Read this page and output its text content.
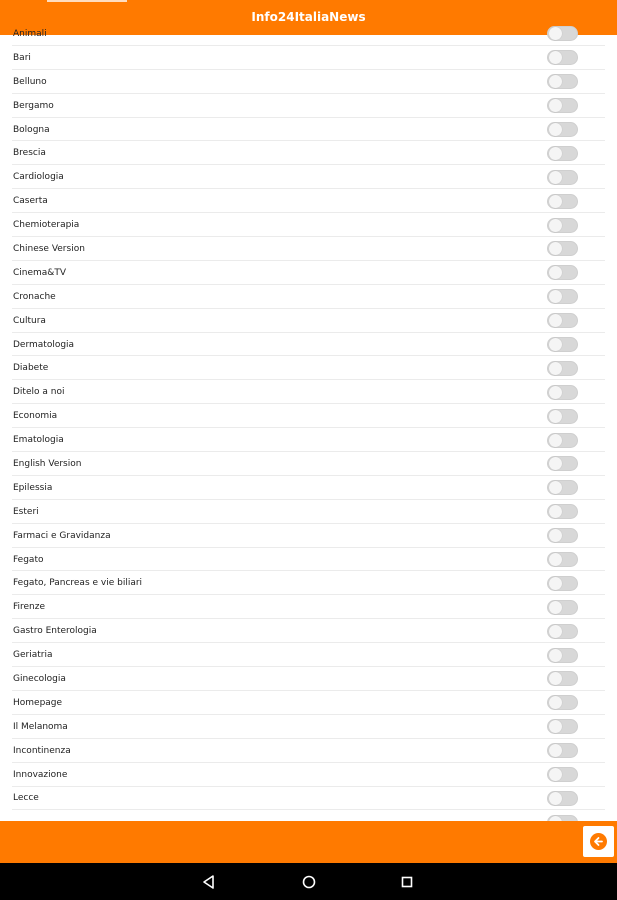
Info24ItaliaNews
Animali
Bari
Belluno
Bergamo
Bologna
Brescia
Cardiologia
Caserta
Chemioterapia
Chinese Version
Cinema&TV
Cronache
Cultura
Dermatologia
Diabete
Ditelo a noi
Economia
Ematologia
English Version
Epilessia
Esteri
Farmaci e Gravidanza
Fegato
Fegato, Pancreas e vie biliari
Firenze
Gastro Enterologia
Geriatria
Ginecologia
Homepage
Il Melanoma
Incontinenza
Innovazione
Lecce
